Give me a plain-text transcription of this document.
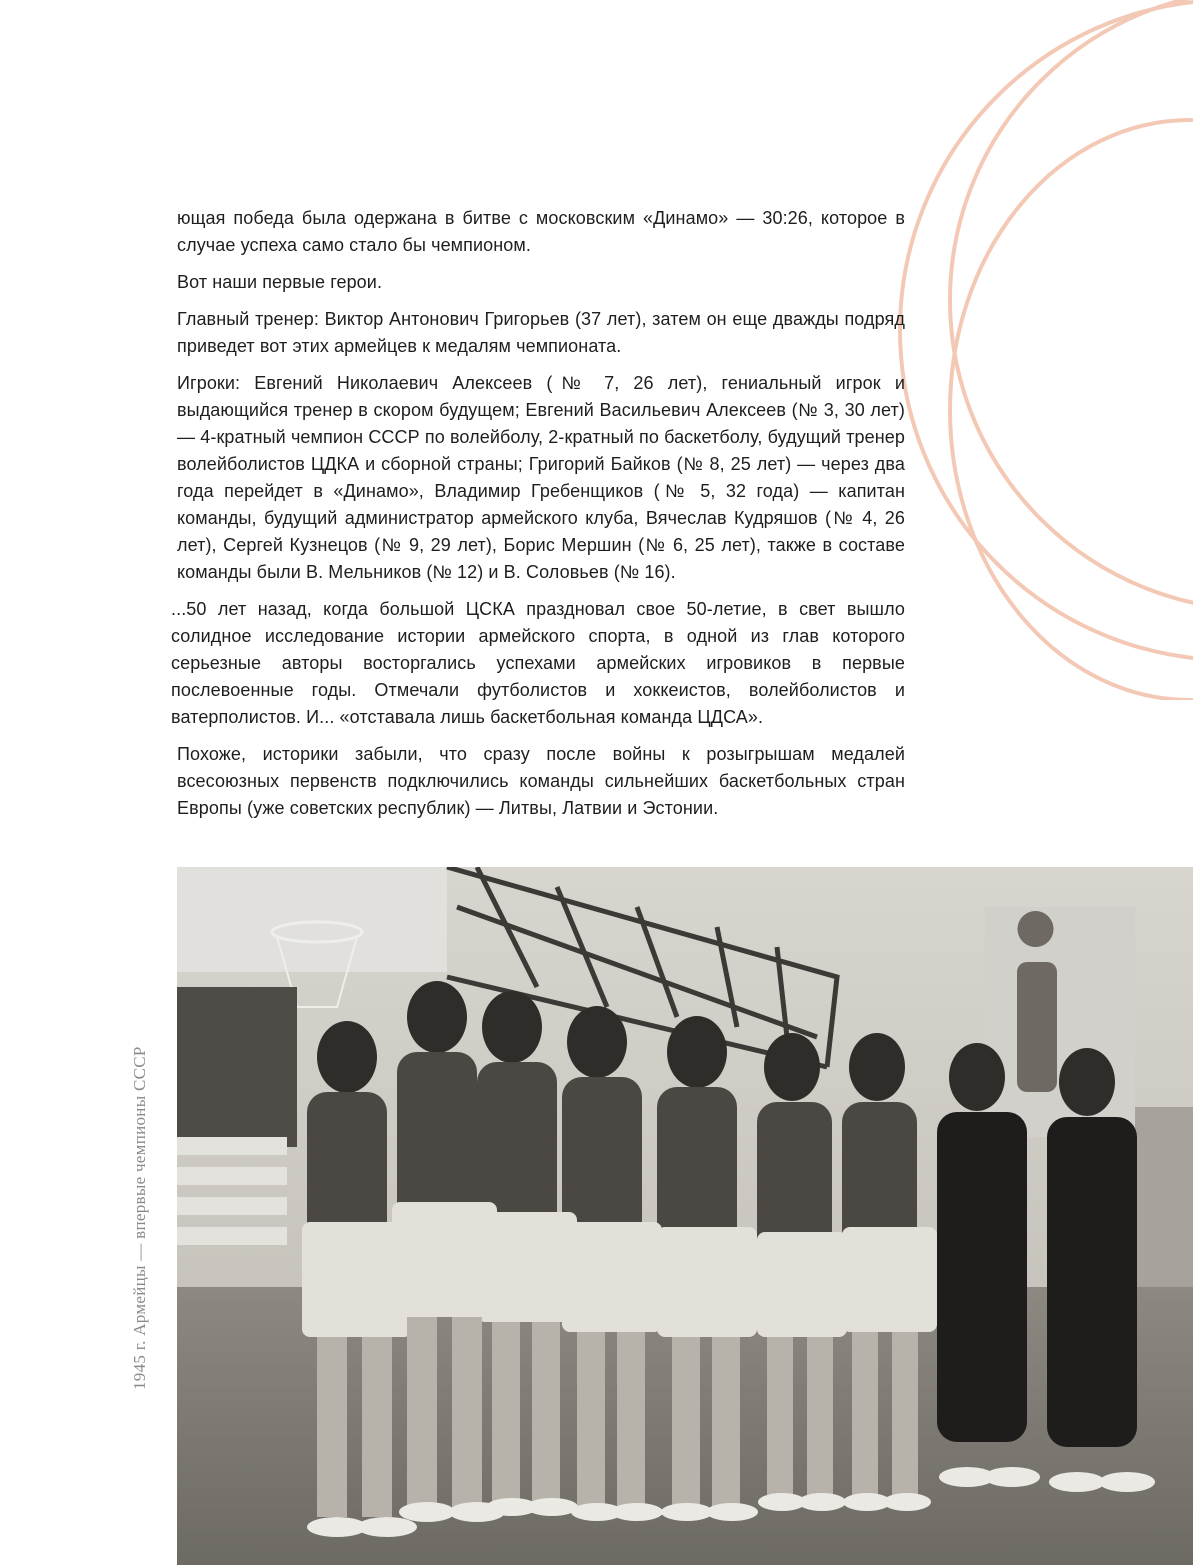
ющая победа была одержана в битве с московским «Динамо» — 30:26, которое в случае успеха само стало бы чемпионом.

Вот наши первые герои.

Главный тренер: Виктор Антонович Григорьев (37 лет), затем он еще дважды подряд приведет вот этих армейцев к медалям чемпионата.

Игроки: Евгений Николаевич Алексеев (№ 7, 26 лет), гениальный игрок и выдающийся тренер в скором будущем; Евгений Васильевич Алексеев (№ 3, 30 лет) — 4-кратный чемпион СССР по волейболу, 2-кратный по баскетболу, будущий тренер волейболистов ЦДКА и сборной страны; Григорий Байков (№ 8, 25 лет) — через два года перейдет в «Динамо», Владимир Гребенщиков (№ 5, 32 года) — капитан команды, будущий администратор армейского клуба, Вячеслав Кудряшов (№ 4, 26 лет), Сергей Кузнецов (№ 9, 29 лет), Борис Мершин (№ 6, 25 лет), также в составе команды были В. Мельников (№ 12) и В. Соловьев (№ 16).

...50 лет назад, когда большой ЦСКА праздновал свое 50-летие, в свет вышло солидное исследование истории армейского спорта, в одной из глав которого серьезные авторы восторгались успехами армейских игровиков в первые послевоенные годы. Отмечали футболистов и хоккеистов, волейболистов и ватерполистов. И... «отставала лишь баскетбольная команда ЦДСА».

Похоже, историки забыли, что сразу после войны к розыгрышам медалей всесоюзных первенств подключились команды сильнейших баскетбольных стран Европы (уже советских республик) — Литвы, Латвии и Эстонии.

1945 г. Армейцы — впервые чемпионы СССР
